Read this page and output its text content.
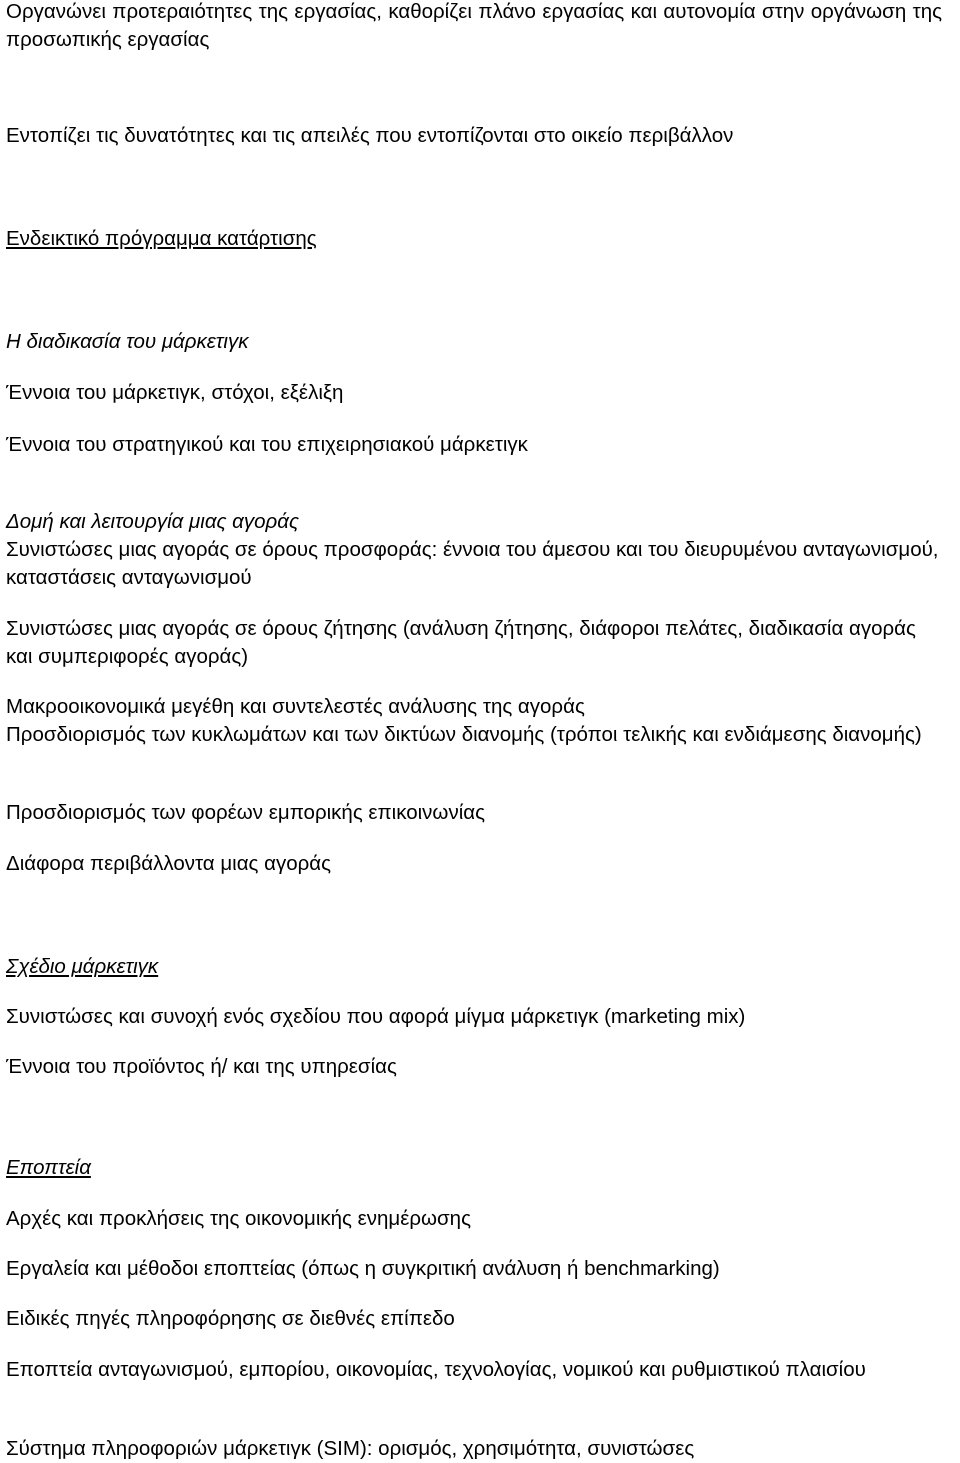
Οργανώνει προτεραιότητες της εργασίας, καθορίζει πλάνο εργασίας και αυτονομία στην οργάνωση της προσωπικής εργασίας

Εντοπίζει τις δυνατότητες και τις απειλές που εντοπίζονται στο οικείο περιβάλλον

Ενδεικτικό πρόγραμμα κατάρτισης

Η διαδικασία του μάρκετιγκ

Έννοια του μάρκετιγκ, στόχοι, εξέλιξη

Έννοια του στρατηγικού και του επιχειρησιακού μάρκετιγκ

Δομή και λειτουργία μιας αγοράς

Συνιστώσες μιας αγοράς σε όρους προσφοράς: έννοια του άμεσου και του διευρυμένου ανταγωνισμού, καταστάσεις ανταγωνισμού

Συνιστώσες μιας αγοράς σε όρους ζήτησης (ανάλυση ζήτησης, διάφοροι πελάτες, διαδικασία αγοράς και συμπεριφορές αγοράς)

Μακροοικονομικά μεγέθη και συντελεστές ανάλυσης της αγοράς

Προσδιορισμός των κυκλωμάτων και των δικτύων διανομής (τρόποι τελικής και ενδιάμεσης διανομής)

Προσδιορισμός των φορέων εμπορικής επικοινωνίας

Διάφορα περιβάλλοντα μιας αγοράς

Σχέδιο μάρκετιγκ

Συνιστώσες και συνοχή ενός σχεδίου που αφορά μίγμα μάρκετιγκ (marketing mix)

Έννοια του προϊόντος ή/ και της υπηρεσίας

Εποπτεία

Αρχές και προκλήσεις της οικονομικής ενημέρωσης

Εργαλεία και μέθοδοι εποπτείας (όπως η συγκριτική ανάλυση ή benchmarking)

Ειδικές πηγές πληροφόρησης σε διεθνές επίπεδο

Εποπτεία ανταγωνισμού, εμπορίου, οικονομίας, τεχνολογίας, νομικού και ρυθμιστικού πλαισίου

Σύστημα πληροφοριών μάρκετιγκ (SIM): ορισμός, χρησιμότητα, συνιστώσες
